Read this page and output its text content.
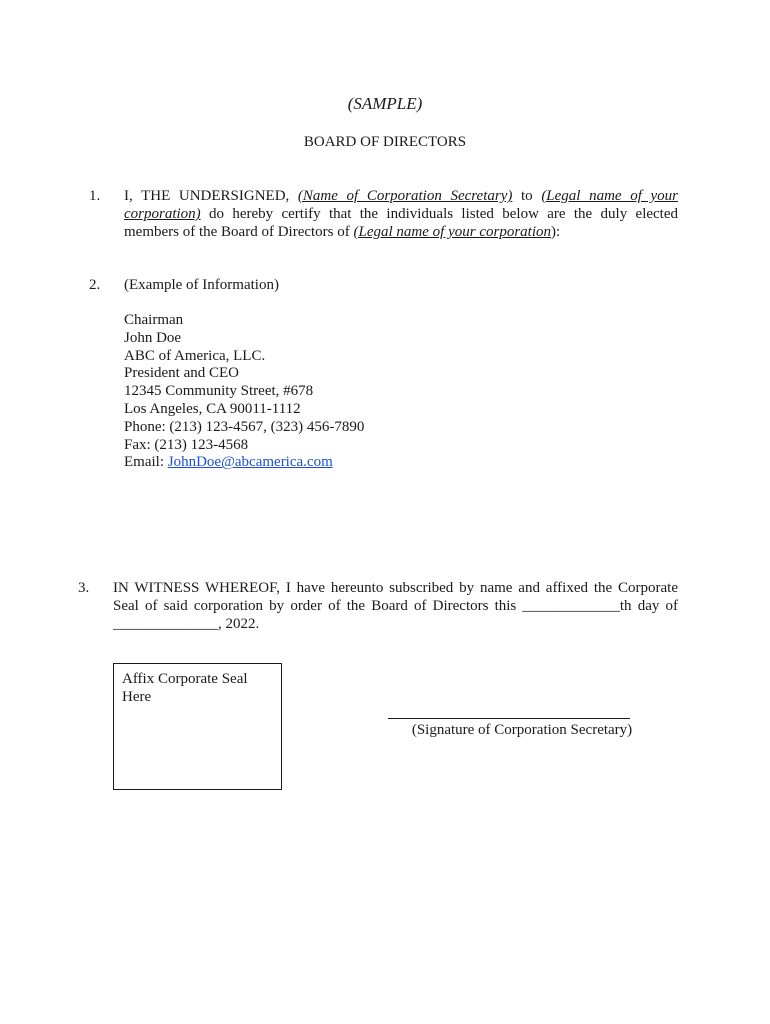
(SAMPLE)
BOARD OF DIRECTORS
1.	I, THE UNDERSIGNED, (Name of Corporation Secretary) to (Legal name of your corporation) do hereby certify that the individuals listed below are the duly elected members of the Board of Directors of (Legal name of your corporation):
2.	(Example of Information)
Chairman
John Doe
ABC of America, LLC.
President and CEO
12345 Community Street, #678
Los Angeles, CA 90011-1112
Phone: (213) 123-4567, (323) 456-7890
Fax: (213) 123-4568
Email: JohnDoe@abcamerica.com
3.	IN WITNESS WHEREOF, I have hereunto subscribed by name and affixed the Corporate Seal of said corporation by order of the Board of Directors this _____________th day of ______________, 2022.
Affix Corporate Seal Here
(Signature of Corporation Secretary)
